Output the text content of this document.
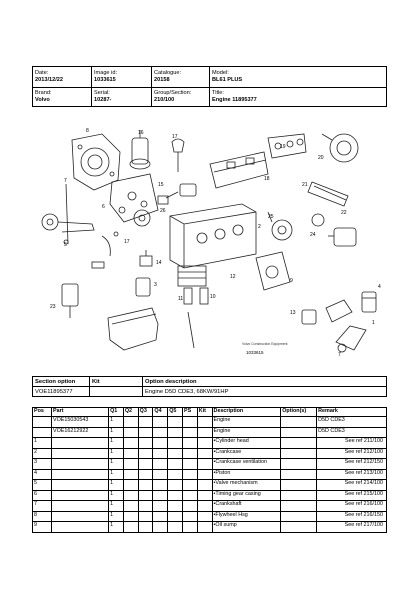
Date:
2013/12/22
Image id:
1033615
Catalogue:
20158
Model:
BL61 PLUS
Brand:
Volvo
Serial:
10287-
Group/Section:
210/100
Title:
Engine 11895377
8	16
17
19
20
18
21
22
7
15
26
6
25
2
24
5	17
14
3
12
10
9
23
11
13
4
1
7
Volvo Construction Equipment
1033615
Section option	Kit	Option description
VOE11895377		Engine D5D CDE3, 68KW/91HP
Pos	Part	Q1	Q2	Q3	Q4	Q5	PS	Kit	Description	Option(s)	Remark
	VOE15030543	1							Engine		D5D CDE3
	VOE16212922	1							Engine		D5D CDE3
1		1							•Cylinder head		See ref 211/100
2		1							•Crankcase		See ref 212/100
3		1							•Crankcase ventilation		See ref 212/150
4		1							•Piston		See ref 213/100
5		1							•Valve mechanism		See ref 214/100
6		1							•Timing gear casing		See ref 215/100
7		1							•Crankshaft		See ref 216/100
8		1							•Flywheel Hsg		See ref 216/150
9		1							•Oil sump		See ref 217/100
